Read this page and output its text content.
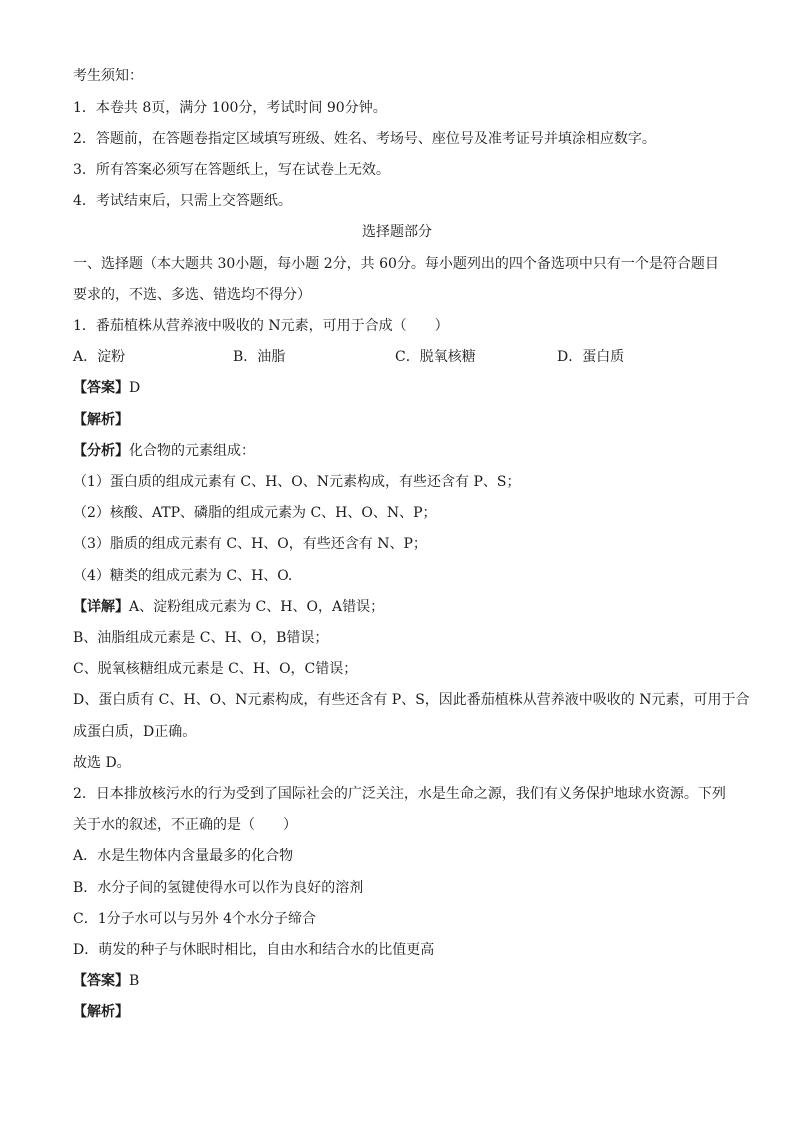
考生须知：
1．本卷共 8页，满分 100分，考试时间 90分钟。
2．答题前，在答题卷指定区域填写班级、姓名、考场号、座位号及准考证号并填涂相应数字。
3．所有答案必须写在答题纸上，写在试卷上无效。
4．考试结束后，只需上交答题纸。
选择题部分
一、选择题（本大题共 30小题，每小题 2分，共 60分。每小题列出的四个备选项中只有一个是符合题目
要求的，不选、多选、错选均不得分）
1．番茄植株从营养液中吸收的 N元素，可用于合成（　　）
A．淀粉	B．油脂	C．脱氧核糖	D．蛋白质
【答案】D
【解析】
【分析】化合物的元素组成：
（1）蛋白质的组成元素有 C、H、O、N元素构成，有些还含有 P、S；
（2）核酸、ATP、磷脂的组成元素为 C、H、O、N、P；
（3）脂质的组成元素有 C、H、O，有些还含有 N、P；
（4）糖类的组成元素为 C、H、O.
【详解】A、淀粉组成元素为 C、H、O，A错误；
B、油脂组成元素是 C、H、O，B错误；
C、脱氧核糖组成元素是 C、H、O，C错误；
D、蛋白质有 C、H、O、N元素构成，有些还含有 P、S，因此番茄植株从营养液中吸收的 N元素，可用于合
成蛋白质，D正确。
故选 D。
2．日本排放核污水的行为受到了国际社会的广泛关注，水是生命之源，我们有义务保护地球水资源。下列
关于水的叙述，不正确的是（　　）
A．水是生物体内含量最多的化合物
B．水分子间的氢键使得水可以作为良好的溶剂
C．1分子水可以与另外 4个水分子缔合
D．萌发的种子与休眠时相比，自由水和结合水的比值更高
【答案】B
【解析】
